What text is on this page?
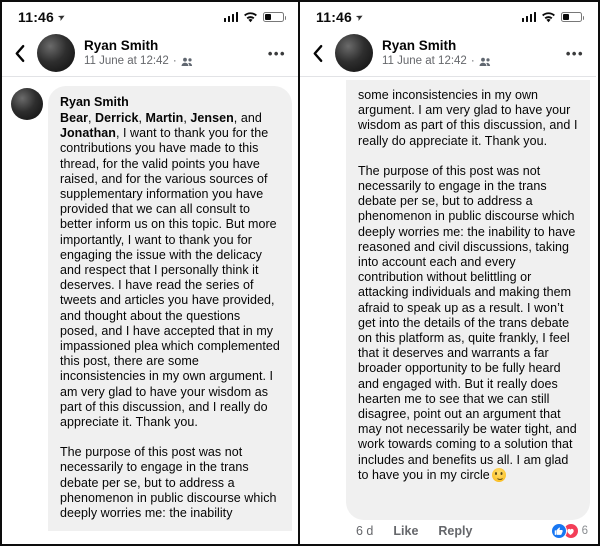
11:46 ➤
Ryan Smith
11 June at 12:42 ·
•••
Ryan Smith

Bear, Derrick, Martin, Jensen, and Jonathan, I want to thank you for the contributions you have made to this thread, for the valid points you have raised, and for the various sources of supplementary information you have provided that we can all consult to better inform us on this topic. But more importantly, I want to thank you for engaging the issue with the delicacy and respect that I personally think it deserves. I have read the series of tweets and articles you have provided, and thought about the questions posed, and I have accepted that in my impassioned plea which complemented this post, there are some inconsistencies in my own argument. I am very glad to have your wisdom as part of this discussion, and I really do appreciate it. Thank you.

The purpose of this post was not necessarily to engage in the trans debate per se, but to address a phenomenon in public discourse which deeply worries me: the inability

11:46 ➤
Ryan Smith
11 June at 12:42 ·
•••

some inconsistencies in my own argument. I am very glad to have your wisdom as part of this discussion, and I really do appreciate it. Thank you.

The purpose of this post was not necessarily to engage in the trans debate per se, but to address a phenomenon in public discourse which deeply worries me: the inability to have reasoned and civil discussions, taking into account each and every contribution without belittling or attacking individuals and making them afraid to speak up as a result. I won’t get into the details of the trans debate on this platform as, quite frankly, I feel that it deserves and warrants a far broader opportunity to be fully heard and engaged with. But it really does hearten me to see that we can still disagree, point out an argument that may not necessarily be water tight, and work towards coming to a solution that includes and benefits us all. I am glad to have you in my circle

6 d Like Reply	6
